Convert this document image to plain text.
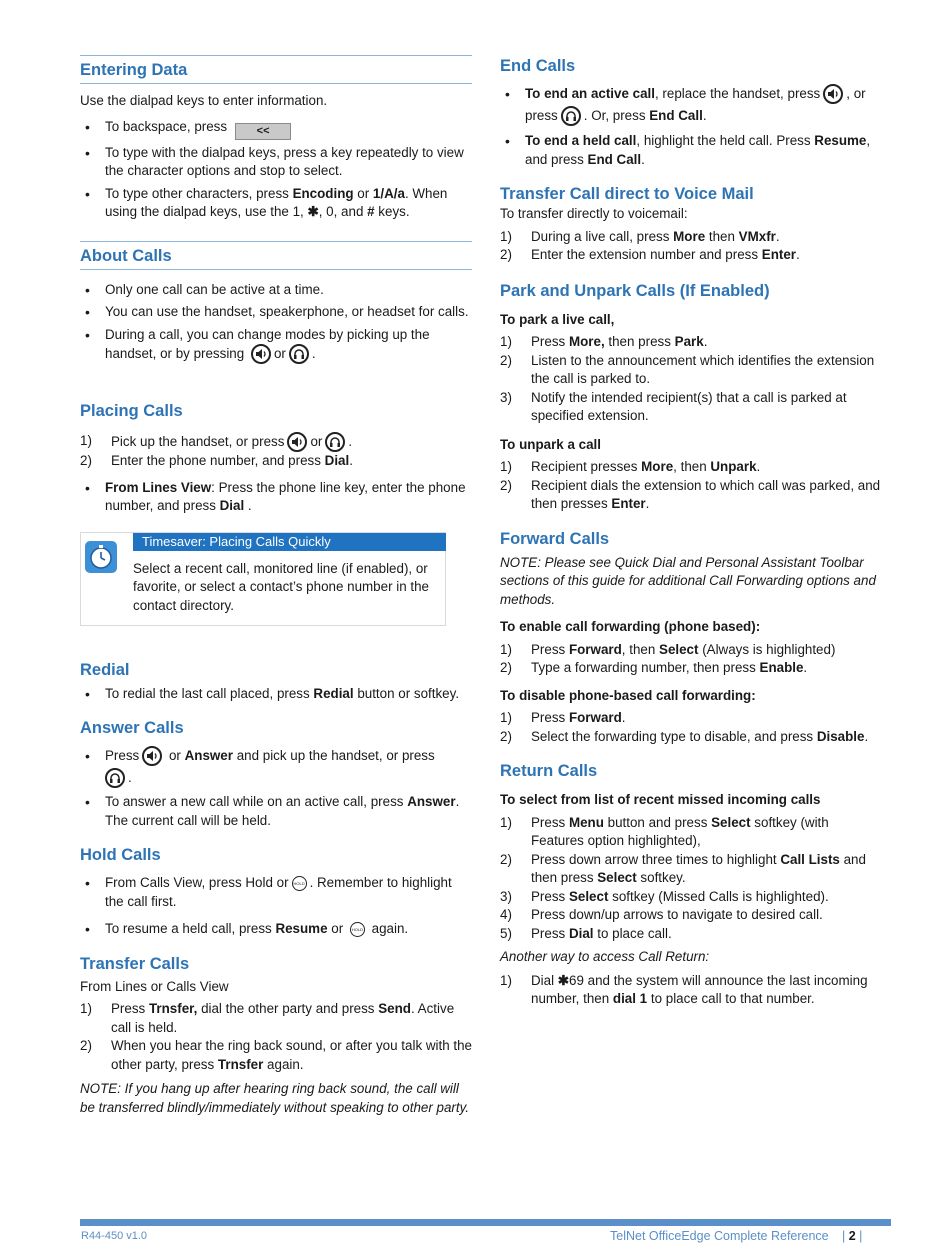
Entering Data

Use the dialpad keys to enter information.

• To backspace, press	<<
• To type with the dialpad keys, press a key repeatedly to view the character options and stop to select.
• To type other characters, press Encoding or 1/A/a. When using the dialpad keys, use the 1, ✱, 0, and # keys.
About Calls
• Only one call can be active at a time.
• You can use the handset, speakerphone, or headset for calls.
• During a call, you can change modes by picking up the handset, or by pressing or .
Placing Calls
1) Pick up the handset, or press or .
2) Enter the phone number, and press Dial.
• From Lines View: Press the phone line key, enter the phone number, and press Dial .
Timesaver: Placing Calls Quickly
Select a recent call, monitored line (if enabled), or favorite, or select a contact’s phone number in the contact directory.
Redial
• To redial the last call placed, press Redial button or softkey.
Answer Calls
• Press
or Answer and pick up the handset, or press

.
• To answer a new call while on an active call, press Answer. The current call will be held.
Hold Calls
• From Calls View, press Hold or HOLD . Remember to highlight the call first.
• To resume a held call, press Resume or HOLD again.
Transfer Calls

From Lines or Calls View

1) Press Trnsfer, dial the other party and press Send. Active call is held.
2) When you hear the ring back sound, or after you talk with the other party, press Trnsfer again.

NOTE: If you hang up after hearing ring back sound, the call will be transferred blindly/immediately without speaking to other party.

End Calls
• To end an active call, replace the handset, press , or press . Or, press End Call.
• To end a held call, highlight the held call. Press Resume, and press End Call.
Transfer Call direct to Voice Mail

To transfer directly to voicemail:

1) During a live call, press More then VMxfr.
2) Enter the extension number and press Enter.
Park and Unpark Calls (If Enabled)

To park a live call,

1) Press More, then press Park.
2) Listen to the announcement which identifies the extension the call is parked to.
3) Notify the intended recipient(s) that a call is parked at specified extension.

To unpark a call

1) Recipient presses More, then Unpark.
2) Recipient dials the extension to which call was parked, and then presses Enter.
Forward Calls

NOTE: Please see Quick Dial and Personal Assistant Toolbar sections of this guide for additional Call Forwarding options and methods.

To enable call forwarding (phone based):

1) Press Forward, then Select (Always is highlighted)
2) Type a forwarding number, then press Enable.

To disable phone-based call forwarding:

1) Press Forward.
2) Select the forwarding type to disable, and press Disable.
Return Calls

To select from list of recent missed incoming calls

1) Press Menu button and press Select softkey (with Features option highlighted),
2) Press down arrow three times to highlight Call Lists and then press Select softkey.
3) Press Select softkey (Missed Calls is highlighted).
4) Press down/up arrows to navigate to desired call.
5) Press Dial to place call.

Another way to access Call Return:

1) Dial ✱69 and the system will announce the last incoming number, then dial 1 to place call to that number.
R44-450 v1.0	TelNet OfficeEdge Complete Reference | 2 |
